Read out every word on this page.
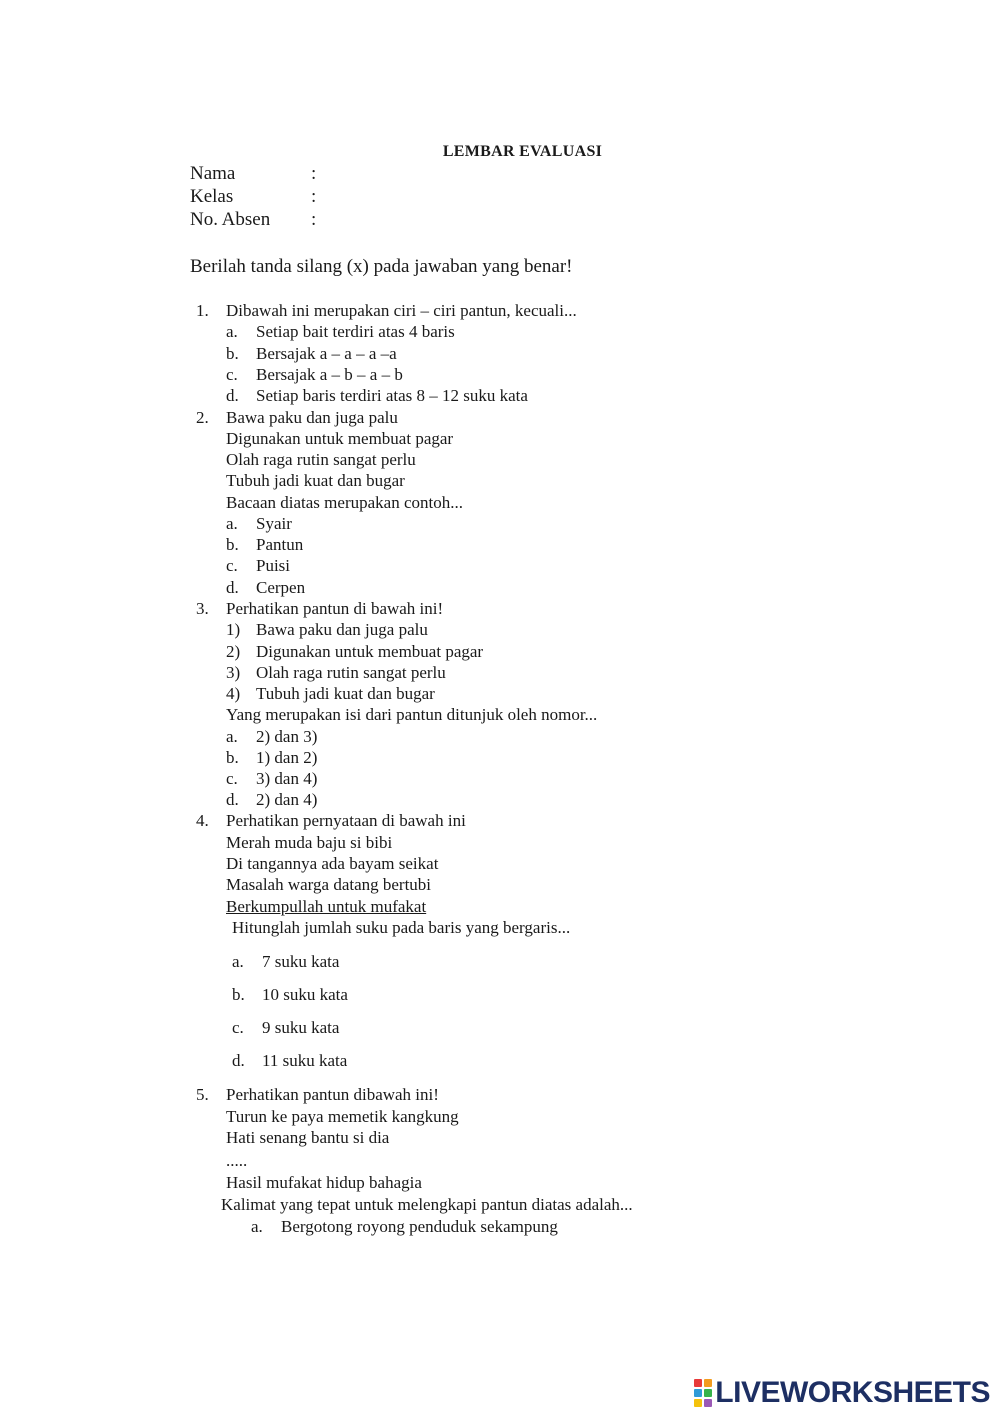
LEMBAR EVALUASI
Nama	:
Kelas	:
No. Absen :
Berilah tanda silang (x) pada jawaban yang benar!
1. Dibawah ini merupakan ciri – ciri pantun, kecuali...
a. Setiap bait terdiri atas 4 baris
b. Bersajak a – a – a –a
c. Bersajak a – b – a – b
d. Setiap baris terdiri atas 8 – 12 suku kata
2. Bawa paku dan juga palu
Digunakan untuk membuat pagar
Olah raga rutin sangat perlu
Tubuh jadi kuat dan bugar
Bacaan diatas merupakan contoh...
a. Syair
b. Pantun
c. Puisi
d. Cerpen
3. Perhatikan pantun di bawah ini!
1) Bawa paku dan juga palu
2) Digunakan untuk membuat pagar
3) Olah raga rutin sangat perlu
4) Tubuh jadi kuat dan bugar
Yang merupakan isi dari pantun ditunjuk oleh nomor...
a. 2) dan 3)
b. 1) dan 2)
c. 3) dan 4)
d. 2) dan 4)
4. Perhatikan pernyataan di bawah ini
Merah muda baju si bibi
Di tangannya ada bayam seikat
Masalah warga datang bertubi
Berkumpullah untuk mufakat
Hitunglah jumlah suku pada baris yang bergaris...
a. 7 suku kata
b. 10 suku kata
c. 9 suku kata
d. 11 suku kata
5. Perhatikan pantun dibawah ini!
Turun ke paya memetik kangkung
Hati senang bantu si dia
.....
Hasil mufakat hidup bahagia
Kalimat yang tepat untuk melengkapi pantun diatas adalah...
a. Bergotong royong penduduk sekampung
LIVEWORKSHEETS
